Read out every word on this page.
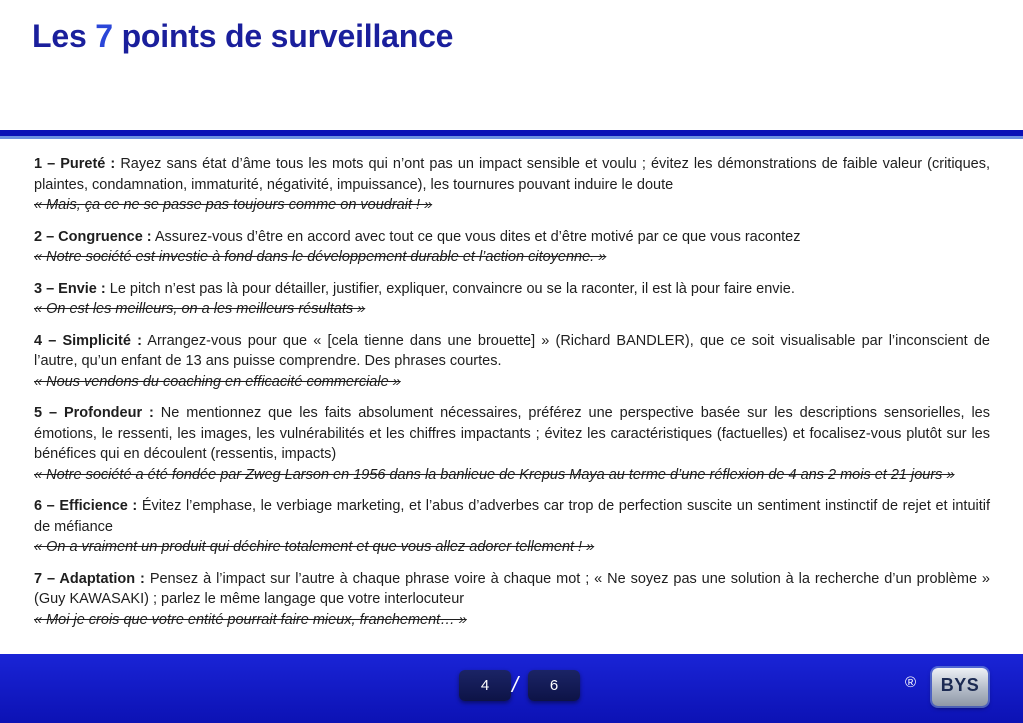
Les 7 points de surveillance
1 – Pureté : Rayez sans état d’âme tous les mots qui n’ont pas un impact sensible et voulu ; évitez les démonstrations de faible valeur (critiques, plaintes, condamnation, immaturité, négativité, impuissance), les tournures pouvant induire le doute
« Mais, ça ce ne se passe pas toujours comme on voudrait ! »
2 – Congruence : Assurez-vous d’être en accord avec tout ce que vous dites et d’être motivé par ce que vous racontez
« Notre société est investie à fond dans le développement durable et l’action citoyenne. »
3 – Envie : Le pitch n’est pas là pour détailler, justifier, expliquer, convaincre ou se la raconter, il est là pour faire envie.
« On est les meilleurs, on a les meilleurs résultats »
4 – Simplicité : Arrangez-vous pour que « [cela tienne dans une brouette] » (Richard BANDLER), que ce soit visualisable par l’inconscient de l’autre, qu’un enfant de 13 ans puisse comprendre. Des phrases courtes.
« Nous vendons du coaching en efficacité commerciale »
5 – Profondeur : Ne mentionnez que les faits absolument nécessaires, préférez une perspective basée sur les descriptions sensorielles, les émotions, le ressenti, les images, les vulnérabilités et les chiffres impactants ; évitez les caractéristiques (factuelles) et focalisez-vous plutôt sur les bénéfices qui en découlent (ressentis, impacts)
« Notre société a été fondée par Zweg Larson en 1956 dans la banlieue de Krepus Maya au terme d’une réflexion de 4 ans 2 mois et 21 jours »
6 – Efficience : Évitez l’emphase, le verbiage marketing, et l’abus d’adverbes car trop de perfection suscite un sentiment instinctif de rejet et intuitif de méfiance
« On a vraiment un produit qui déchire totalement et que vous allez adorer tellement ! »
7 – Adaptation : Pensez à l’impact sur l’autre à chaque phrase voire à chaque mot ; « Ne soyez pas une solution à la recherche d’un problème » (Guy KAWASAKI) ; parlez le même langage que votre interlocuteur
« Moi je crois que votre entité pourrait faire mieux, franchement… »
4	/	6	®	BYS
